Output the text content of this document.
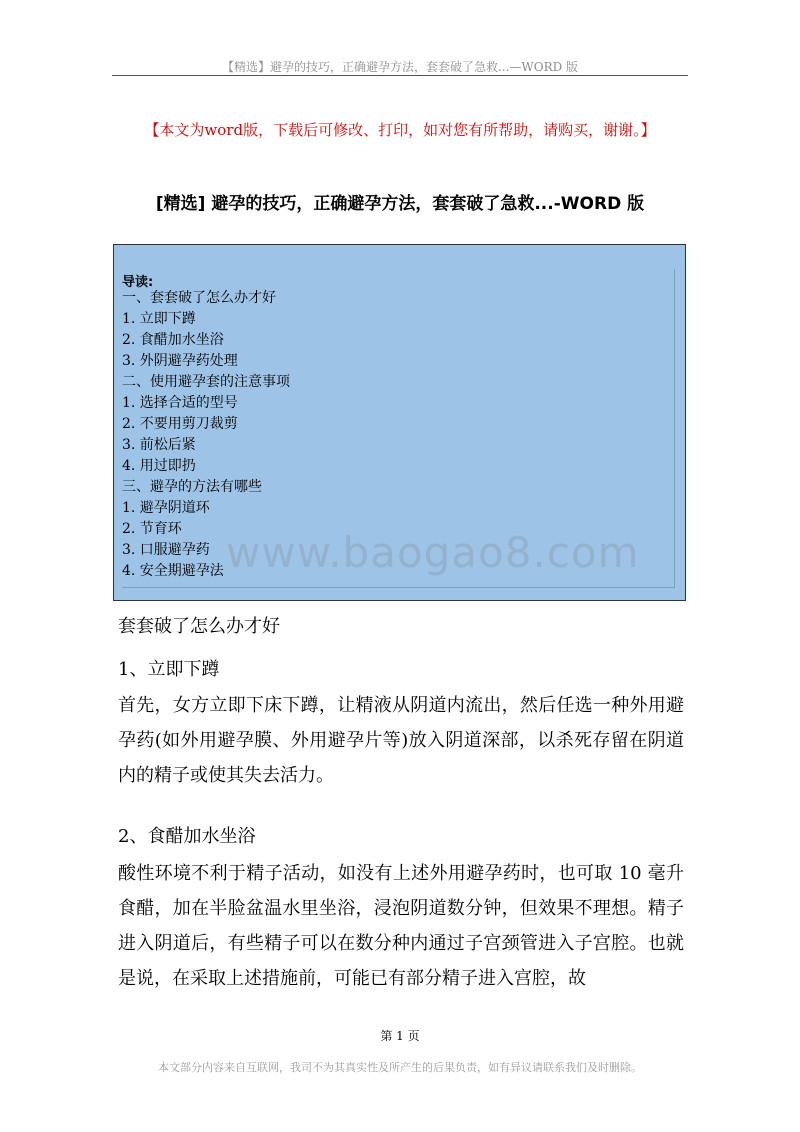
【精选】避孕的技巧，正确避孕方法，套套破了急救...—WORD 版
【本文为word版，下载后可修改、打印，如对您有所帮助，请购买，谢谢。】
[精选] 避孕的技巧，正确避孕方法，套套破了急救...-WORD 版
导读:
一、套套破了怎么办才好
1. 立即下蹲
2. 食醋加水坐浴
3. 外阴避孕药处理
二、使用避孕套的注意事项
1. 选择合适的型号
2. 不要用剪刀裁剪
3. 前松后紧
4. 用过即扔
三、避孕的方法有哪些
1. 避孕阴道环
2. 节育环
3. 口服避孕药
4. 安全期避孕法 www.baogao8.com
套套破了怎么办才好
1、立即下蹲
首先，女方立即下床下蹲，让精液从阴道内流出，然后任选一种外用避孕药(如外用避孕膜、外用避孕片等)放入阴道深部，以杀死存留在阴道内的精子或使其失去活力。
2、食醋加水坐浴
酸性环境不利于精子活动，如没有上述外用避孕药时，也可取 10 毫升食醋，加在半脸盆温水里坐浴，浸泡阴道数分钟，但效果不理想。精子进入阴道后，有些精子可以在数分种内通过子宫颈管进入子宫腔。也就是说，在采取上述措施前，可能已有部分精子进入宫腔，故
第 1 页
本文部分内容来自互联网，我司不为其真实性及所产生的后果负责，如有异议请联系我们及时删除。
